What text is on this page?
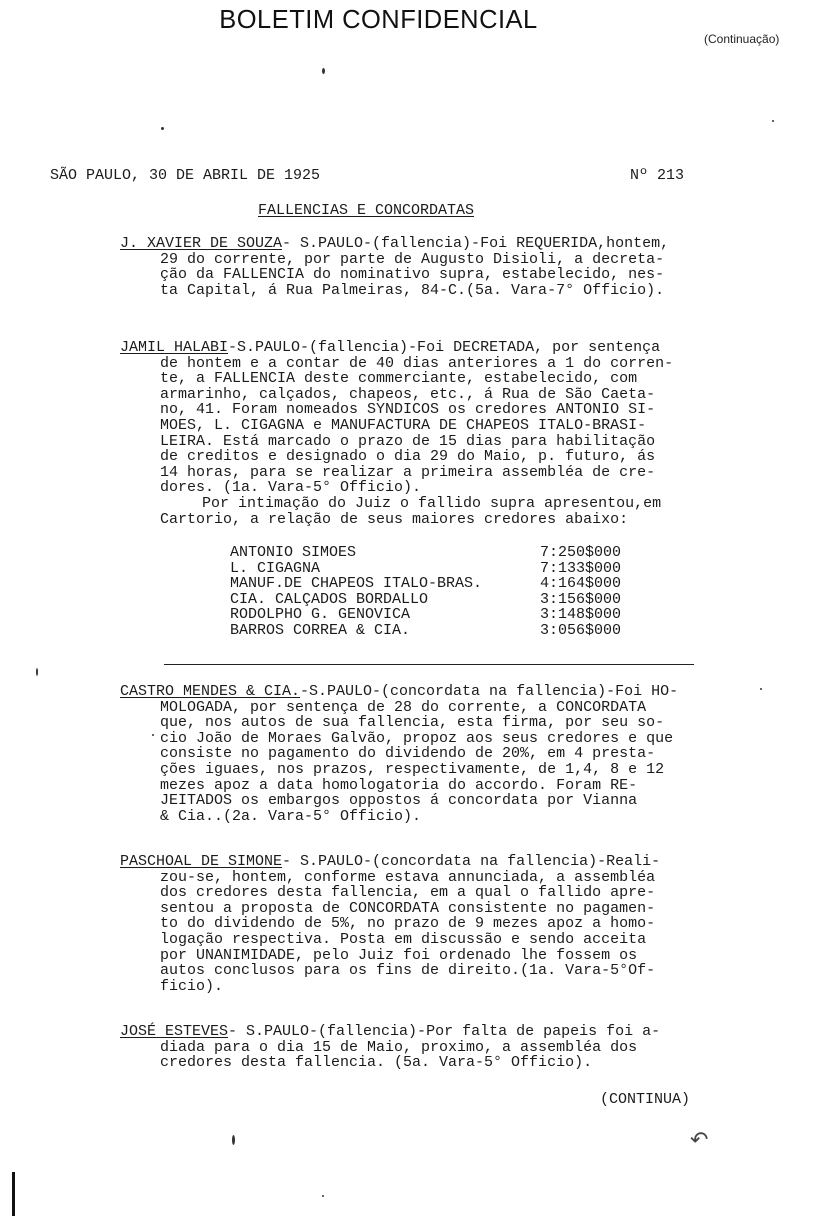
BOLETIM CONFIDENCIAL
(Continuação)
SÃO PAULO, 30 DE ABRIL DE 1925	Nº 213
FALLENCIAS E CONCORDATAS
J. XAVIER DE SOUZA- S.PAULO-(fallencia)-Foi REQUERIDA,hontem,
29 do corrente, por parte de Augusto Disioli, a decreta-
ção da FALLENCIA do nominativo supra, estabelecido, nes-
ta Capital, á Rua Palmeiras, 84-C.(5a. Vara-7° Officio).
JAMIL HALABI-S.PAULO-(fallencia)-Foi DECRETADA, por sentença
de hontem e a contar de 40 dias anteriores a 1 do corren-
te, a FALLENCIA deste commerciante, estabelecido, com
armarinho, calçados, chapeos, etc., á Rua de São Caeta-
no, 41. Foram nomeados SYNDICOS os credores ANTONIO SI-
MOES, L. CIGAGNA e MANUFACTURA DE CHAPEOS ITALO-BRASI-
LEIRA. Está marcado o prazo de 15 dias para habilitação
de creditos e designado o dia 29 do Maio, p. futuro, ás
14 horas, para se realizar a primeira assembléa de cre-
dores. (1a. Vara-5° Officio).
Por intimação do Juiz o fallido supra apresentou,em
Cartorio, a relação de seus maiores credores abaixo:
ANTONIO SIMOES	7:250$000
L. CIGAGNA	7:133$000
MANUF.DE CHAPEOS ITALO-BRAS.	4:164$000
CIA. CALÇADOS BORDALLO	3:156$000
RODOLPHO G. GENOVICA	3:148$000
BARROS CORREA & CIA.	3:056$000
CASTRO MENDES & CIA.-S.PAULO-(concordata na fallencia)-Foi HO-
MOLOGADA, por sentença de 28 do corrente, a CONCORDATA
que, nos autos de sua fallencia, esta firma, por seu so-
cio João de Moraes Galvão, propoz aos seus credores e que
consiste no pagamento do dividendo de 20%, em 4 presta-
ções iguaes, nos prazos, respectivamente, de 1,4, 8 e 12
mezes apoz a data homologatoria do accordo. Foram RE-
JEITADOS os embargos oppostos á concordata por Vianna
& Cia..(2a. Vara-5° Officio).
PASCHOAL DE SIMONE- S.PAULO-(concordata na fallencia)-Reali-
zou-se, hontem, conforme estava annunciada, a assembléa
dos credores desta fallencia, em a qual o fallido apre-
sentou a proposta de CONCORDATA consistente no pagamen-
to do dividendo de 5%, no prazo de 9 mezes apoz a homo-
logação respectiva. Posta em discussão e sendo acceita
por UNANIMIDADE, pelo Juiz foi ordenado lhe fossem os
autos conclusos para os fins de direito.(1a. Vara-5°Of-
ficio).
JOSÉ ESTEVES- S.PAULO-(fallencia)-Por falta de papeis foi a-
diada para o dia 15 de Maio, proximo, a assembléa dos
credores desta fallencia. (5a. Vara-5° Officio).
(CONTINUA)
↶
